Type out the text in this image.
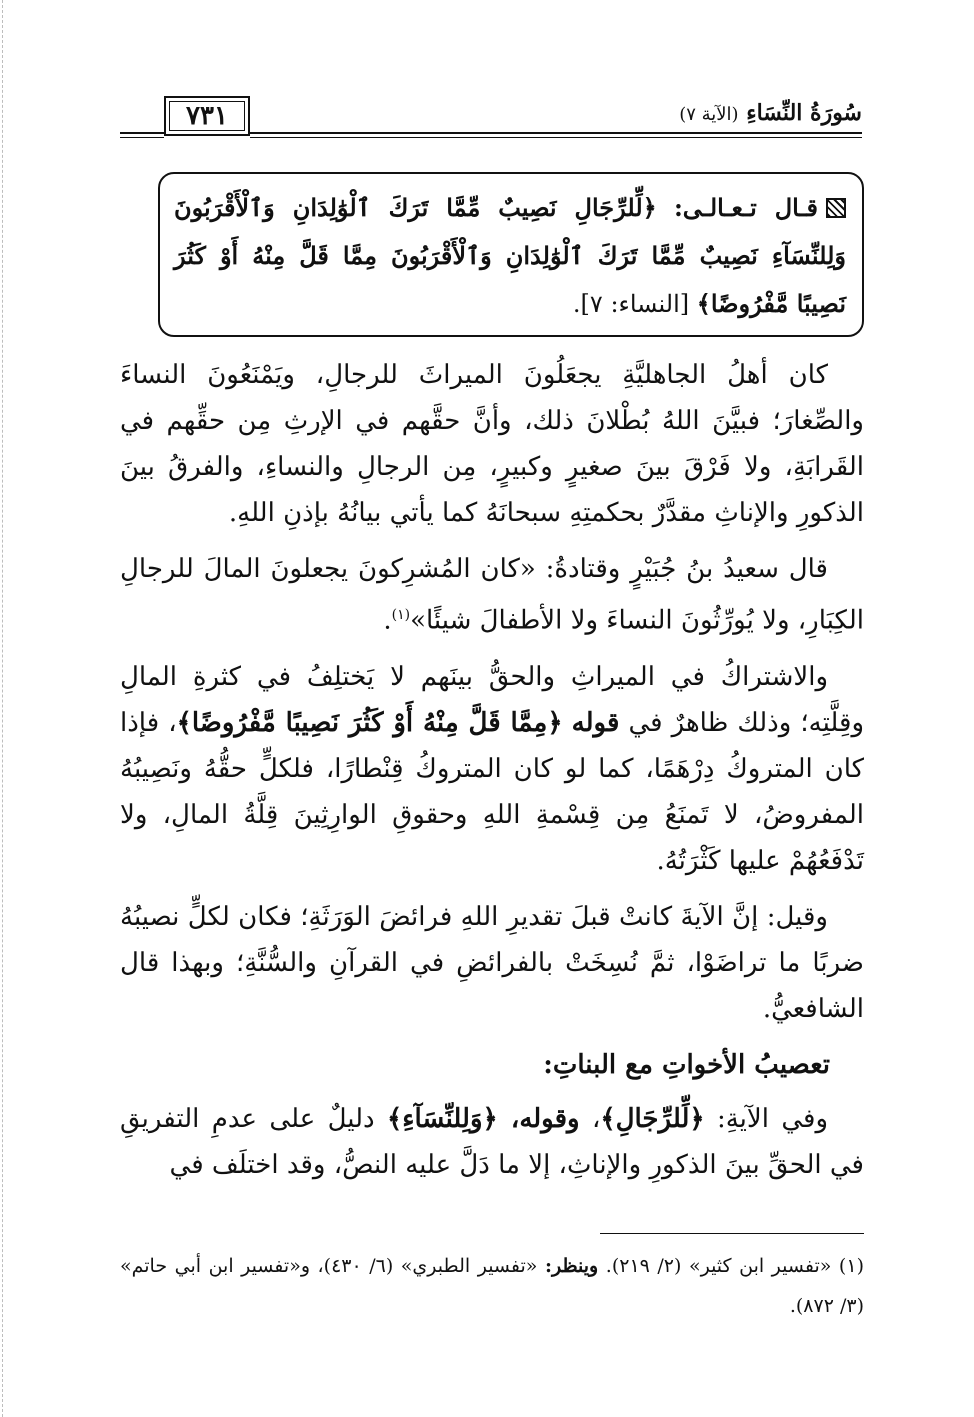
سُورَةُ النِّسَاءِ (الآية ٧)
٧٣١
قـال تـعـالـى: ﴿لِّلرِّجَالِ نَصِيبٌ مِّمَّا تَرَكَ ٱلْوَٰلِدَانِ وَٱلْأَقْرَبُونَ وَلِلنِّسَآءِ نَصِيبٌ مِّمَّا تَرَكَ ٱلْوَٰلِدَانِ وَٱلْأَقْرَبُونَ مِمَّا قَلَّ مِنْهُ أَوْ كَثُرَ نَصِيبًا مَّفْرُوضًا﴾ [النساء: ٧].

كان أهلُ الجاهليَّةِ يجعَلُونَ الميراثَ للرجالِ، ويَمْنَعُونَ النساءَ والصِّغارَ؛ فبيَّنَ اللهُ بُطْلانَ ذلك، وأنَّ حقَّهم في الإرثِ مِن حقِّهم في القَرابَةِ، ولا فَرْقَ بينَ صغيرٍ وكبيرٍ، مِن الرجالِ والنساءِ، والفرقُ بينَ الذكورِ والإناثِ مقدَّرٌ بحكمتِهِ سبحانَهُ كما يأتي بيانُهُ بإذنِ اللهِ.

قال سعيدُ بنُ جُبَيْرٍ وقتادةُ: «كان المُشرِكونَ يجعلونَ المالَ للرجالِ الكِبَارِ، ولا يُورِّثُونَ النساءَ ولا الأطفالَ شيئًا»$^{(١)}$.

والاشتراكُ في الميراثِ والحقُّ بينَهم لا يَختلِفُ في كثرةِ المالِ وقِلَّتِه؛ وذلك ظاهرٌ في قوله ﴿مِمَّا قَلَّ مِنْهُ أَوْ كَثُرَ نَصِيبًا مَّفْرُوضًا﴾، فإذا كان المتروكُ دِرْهَمًا، كما لو كان المتروكُ قِنْطارًا، فلكلٍّ حقُّهُ ونَصِيبُهُ المفروضُ، لا تَمنَعُ مِن قِسْمةِ اللهِ وحقوقِ الوارِثِينَ قِلَّةُ المالِ، ولا تَدْفَعُهُمْ عليها كَثْرَتُهُ.

وقيل: إنَّ الآيةَ كانتْ قبلَ تقديرِ اللهِ فرائضَ الوَرَثَةِ؛ فكان لكلٍّ نصيبُهُ ضربًا ما تراضَوْا، ثمَّ نُسِخَتْ بالفرائضِ في القرآنِ والسُّنَّةِ؛ وبهذا قال الشافعيُّ.

تعصيبُ الأخواتِ مع البناتِ:

وفي الآيةِ: ﴿لِّلرِّجَالِ﴾، وقوله، ﴿وَلِلنِّسَآءِ﴾ دليلٌ على عدمِ التفريقِ في الحقِّ بينَ الذكورِ والإناثِ، إلا ما دَلَّ عليه النصُّ، وقد اختلَف في

(١) «تفسير ابن كثير» (٢/ ٢١٩). وينظر: «تفسير الطبري» (٦/ ٤٣٠)، و«تفسير ابن أبي حاتم» (٣/ ٨٧٢).
